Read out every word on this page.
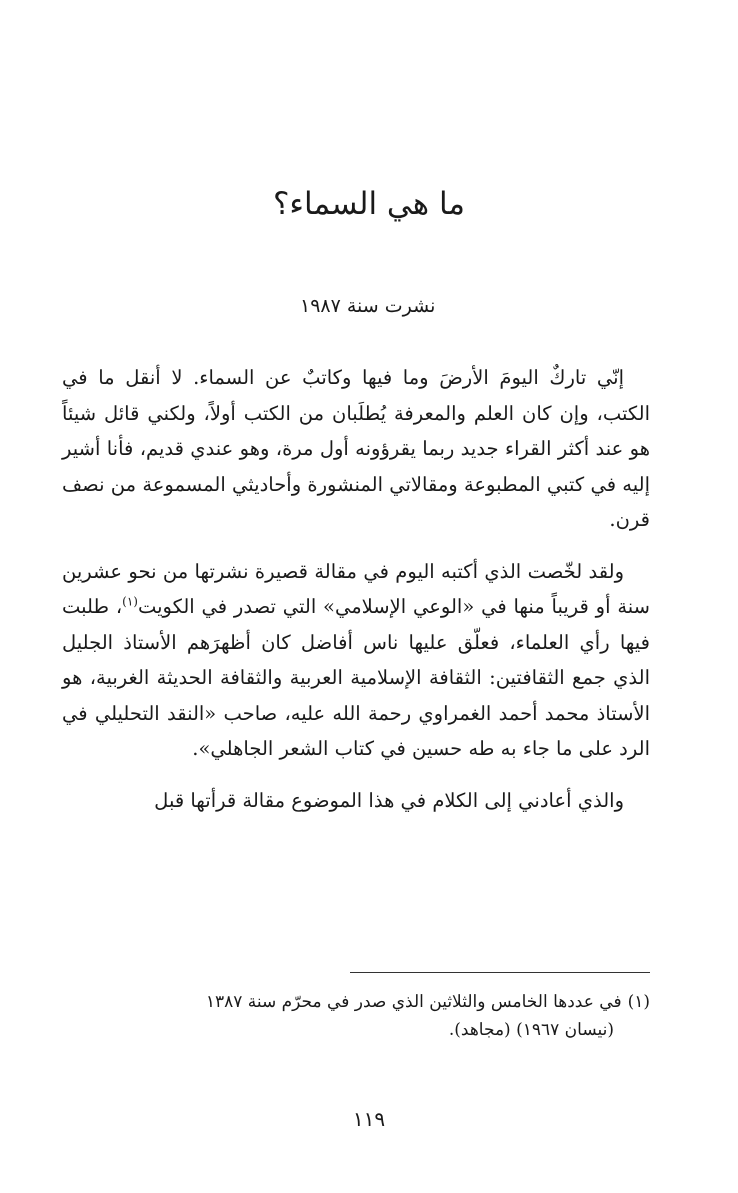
ما هي السماء؟
نشرت سنة ١٩٨٧

إنّي تاركٌ اليومَ الأرضَ وما فيها وكاتبٌ عن السماء. لا أنقل ما في الكتب، وإن كان العلم والمعرفة يُطلَبان من الكتب أولاً، ولكني قائل شيئاً هو عند أكثر القراء جديد ربما يقرؤونه أول مرة، وهو عندي قديم، فأنا أشير إليه في كتبي المطبوعة ومقالاتي المنشورة وأحاديثي المسموعة من نصف قرن.

ولقد لخّصت الذي أكتبه اليوم في مقالة قصيرة نشرتها من نحو عشرين سنة أو قريباً منها في «الوعي الإسلامي» التي تصدر في الكويت$^{(١)}$، طلبت فيها رأي العلماء، فعلّق عليها ناس أفاضل كان أظهرَهم الأستاذ الجليل الذي جمع الثقافتين: الثقافة الإسلامية العربية والثقافة الحديثة الغربية، هو الأستاذ محمد أحمد الغمراوي رحمة الله عليه، صاحب «النقد التحليلي في الرد على ما جاء به طه حسين في كتاب الشعر الجاهلي».

والذي أعادني إلى الكلام في هذا الموضوع مقالة قرأتها قبل

(١)في عددها الخامس والثلاثين الذي صدر في محرّم سنة ١٣٨٧
(نيسان ١٩٦٧) (مجاهد).
١١٩
